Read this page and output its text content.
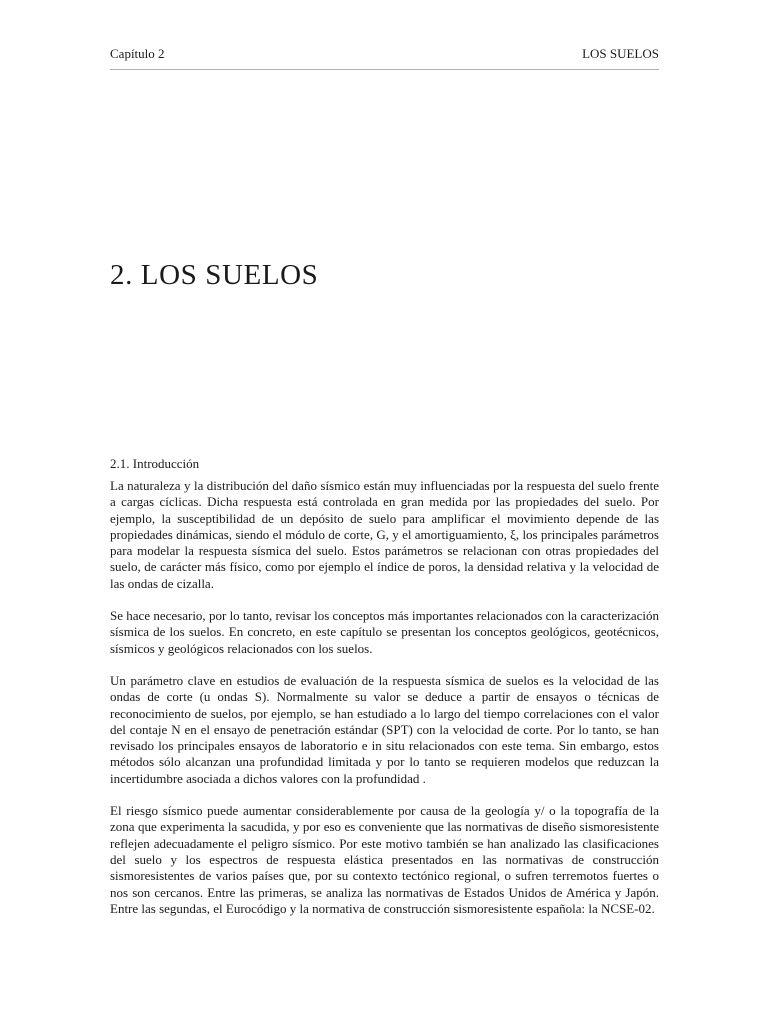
Capítulo 2	LOS SUELOS
2. LOS SUELOS
2.1. Introducción

La naturaleza y la distribución del daño sísmico están muy influenciadas por la respuesta del suelo frente a cargas cíclicas. Dicha respuesta está controlada en gran medida por las propiedades del suelo. Por ejemplo, la susceptibilidad de un depósito de suelo para amplificar el movimiento depende de las propiedades dinámicas, siendo el módulo de corte, G, y el amortiguamiento, ξ, los principales parámetros para modelar la respuesta sísmica del suelo. Estos parámetros se relacionan con otras propiedades del suelo, de carácter más físico, como por ejemplo el índice de poros, la densidad relativa y la velocidad de las ondas de cizalla.

Se hace necesario, por lo tanto, revisar los conceptos más importantes relacionados con la caracterización sísmica de los suelos. En concreto, en este capítulo se presentan los conceptos geológicos, geotécnicos, sísmicos y geológicos relacionados con los suelos.

Un parámetro clave en estudios de evaluación de la respuesta sísmica de suelos es la velocidad de las ondas de corte (u ondas S). Normalmente su valor se deduce a partir de ensayos o técnicas de reconocimiento de suelos, por ejemplo, se han estudiado a lo largo del tiempo correlaciones con el valor del contaje N en el ensayo de penetración estándar (SPT) con la velocidad de corte. Por lo tanto, se han revisado los principales ensayos de laboratorio e in situ relacionados con este tema. Sin embargo, estos métodos sólo alcanzan una profundidad limitada y por lo tanto se requieren modelos que reduzcan la incertidumbre asociada a dichos valores con la profundidad .

El riesgo sísmico puede aumentar considerablemente por causa de la geología y/ o la topografía de la zona que experimenta la sacudida, y por eso es conveniente que las normativas de diseño sismoresistente reflejen adecuadamente el peligro sísmico. Por este motivo también se han analizado las clasificaciones del suelo y los espectros de respuesta elástica presentados en las normativas de construcción sismoresistentes de varios países que, por su contexto tectónico regional, o sufren terremotos fuertes o nos son cercanos. Entre las primeras, se analiza las normativas de Estados Unidos de América y Japón. Entre las segundas, el Eurocódigo y la normativa de construcción sismoresistente española: la NCSE-02.
